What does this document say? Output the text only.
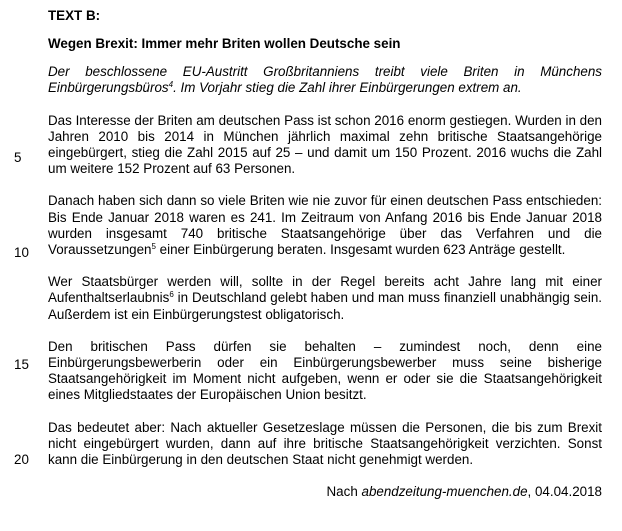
5
10
15
20
TEXT B:
Wegen Brexit: Immer mehr Briten wollen Deutsche sein

Der beschlossene EU-Austritt Großbritanniens treibt viele Briten in Münchens Einbürgerungsbüros$^4$. Im Vorjahr stieg die Zahl ihrer Einbürgerungen extrem an.

Das Interesse der Briten am deutschen Pass ist schon 2016 enorm gestiegen. Wurden in den Jahren 2010 bis 2014 in München jährlich maximal zehn britische Staatsangehörige eingebürgert, stieg die Zahl 2015 auf 25 – und damit um 150 Prozent. 2016 wuchs die Zahl um weitere 152 Prozent auf 63 Personen.

Danach haben sich dann so viele Briten wie nie zuvor für einen deutschen Pass entschieden: Bis Ende Januar 2018 waren es 241. Im Zeitraum von Anfang 2016 bis Ende Januar 2018 wurden insgesamt 740 britische Staatsangehörige über das Verfahren und die Voraussetzungen$^5$ einer Einbürgerung beraten. Insgesamt wurden 623 Anträge gestellt.

Wer Staatsbürger werden will, sollte in der Regel bereits acht Jahre lang mit einer Aufenthaltserlaubnis$^6$ in Deutschland gelebt haben und man muss finanziell unabhängig sein. Außerdem ist ein Einbürgerungstest obligatorisch.

Den britischen Pass dürfen sie behalten – zumindest noch, denn eine Einbürgerungsbewerberin oder ein Einbürgerungsbewerber muss seine bisherige Staatsangehörigkeit im Moment nicht aufgeben, wenn er oder sie die Staatsangehörigkeit eines Mitgliedstaates der Europäischen Union besitzt.

Das bedeutet aber: Nach aktueller Gesetzeslage müssen die Personen, die bis zum Brexit nicht eingebürgert wurden, dann auf ihre britische Staatsangehörigkeit verzichten. Sonst kann die Einbürgerung in den deutschen Staat nicht genehmigt werden.

Nach abendzeitung-muenchen.de, 04.04.2018
